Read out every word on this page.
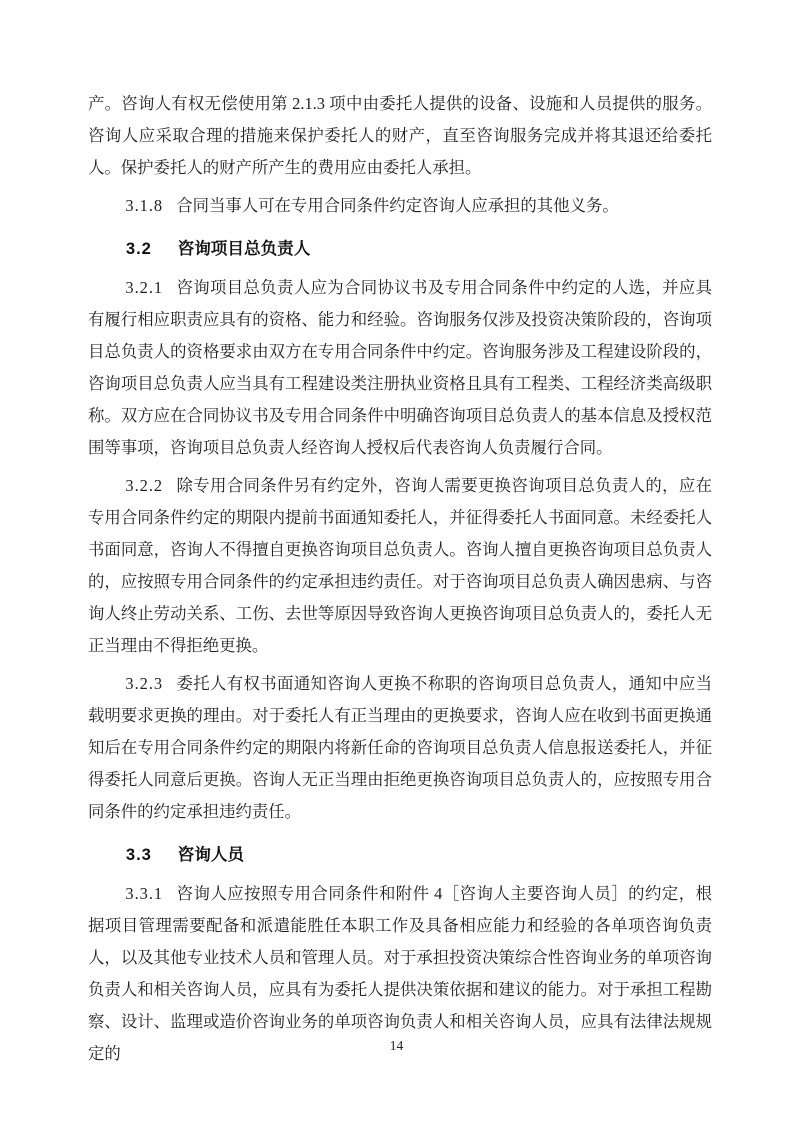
产。咨询人有权无偿使用第 2.1.3 项中由委托人提供的设备、设施和人员提供的服务。咨询人应采取合理的措施来保护委托人的财产，直至咨询服务完成并将其退还给委托人。保护委托人的财产所产生的费用应由委托人承担。

3.1.8 合同当事人可在专用合同条件约定咨询人应承担的其他义务。

3.2 咨询项目总负责人

3.2.1 咨询项目总负责人应为合同协议书及专用合同条件中约定的人选，并应具有履行相应职责应具有的资格、能力和经验。咨询服务仅涉及投资决策阶段的，咨询项目总负责人的资格要求由双方在专用合同条件中约定。咨询服务涉及工程建设阶段的，咨询项目总负责人应当具有工程建设类注册执业资格且具有工程类、工程经济类高级职称。双方应在合同协议书及专用合同条件中明确咨询项目总负责人的基本信息及授权范围等事项，咨询项目总负责人经咨询人授权后代表咨询人负责履行合同。

3.2.2 除专用合同条件另有约定外，咨询人需要更换咨询项目总负责人的，应在专用合同条件约定的期限内提前书面通知委托人，并征得委托人书面同意。未经委托人书面同意，咨询人不得擅自更换咨询项目总负责人。咨询人擅自更换咨询项目总负责人的，应按照专用合同条件的约定承担违约责任。对于咨询项目总负责人确因患病、与咨询人终止劳动关系、工伤、去世等原因导致咨询人更换咨询项目总负责人的，委托人无正当理由不得拒绝更换。

3.2.3 委托人有权书面通知咨询人更换不称职的咨询项目总负责人，通知中应当载明要求更换的理由。对于委托人有正当理由的更换要求，咨询人应在收到书面更换通知后在专用合同条件约定的期限内将新任命的咨询项目总负责人信息报送委托人，并征得委托人同意后更换。咨询人无正当理由拒绝更换咨询项目总负责人的，应按照专用合同条件的约定承担违约责任。

3.3 咨询人员

3.3.1 咨询人应按照专用合同条件和附件 4［咨询人主要咨询人员］的约定，根据项目管理需要配备和派遣能胜任本职工作及具备相应能力和经验的各单项咨询负责人，以及其他专业技术人员和管理人员。对于承担投资决策综合性咨询业务的单项咨询负责人和相关咨询人员，应具有为委托人提供决策依据和建议的能力。对于承担工程勘察、设计、监理或造价咨询业务的单项咨询负责人和相关咨询人员，应具有法律法规规定的	14
